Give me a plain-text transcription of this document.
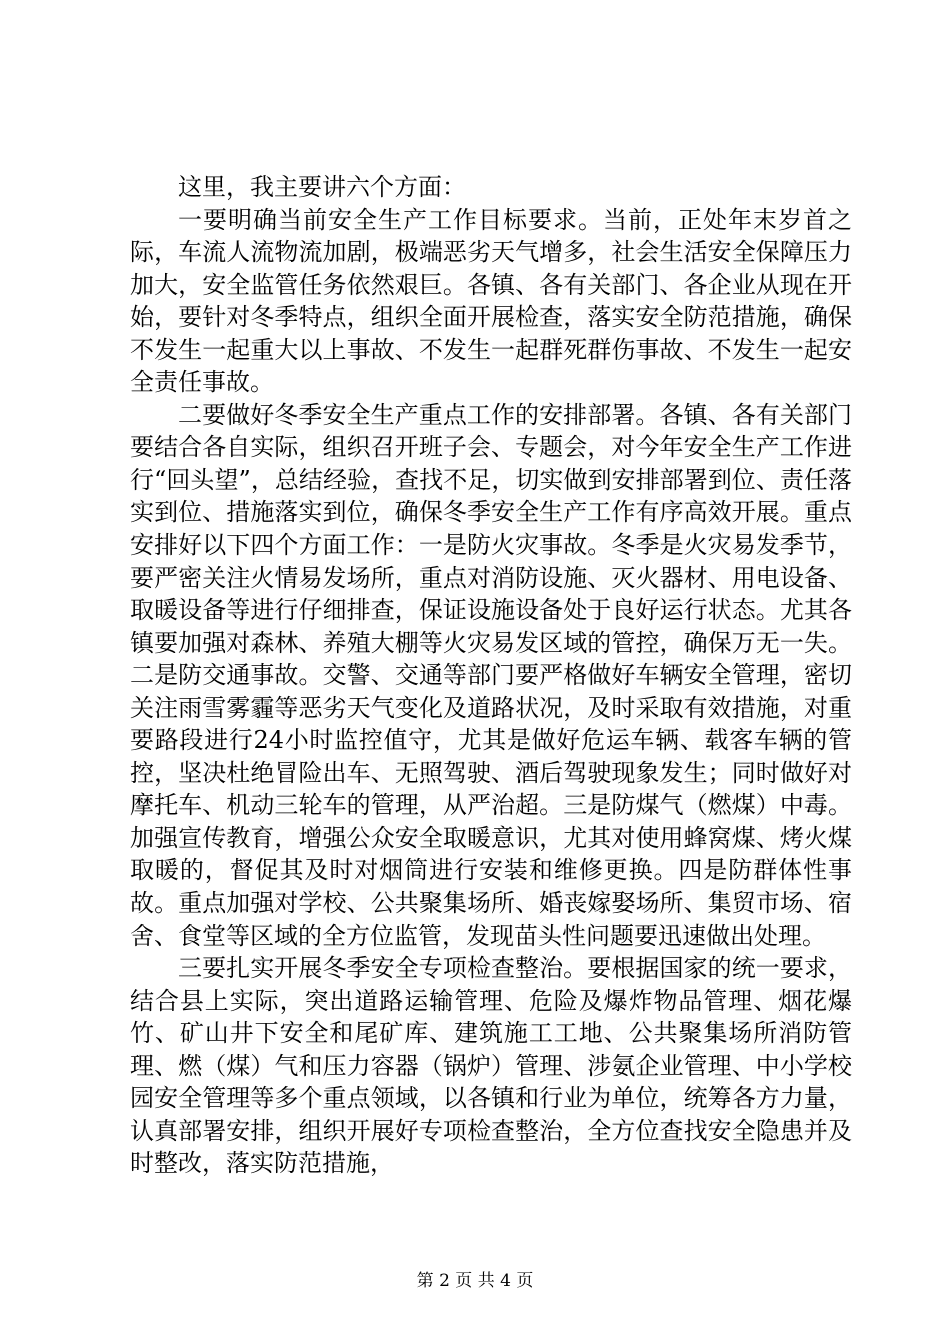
这里，我主要讲六个方面：

一要明确当前安全生产工作目标要求。当前，正处年末岁首之际，车流人流物流加剧，极端恶劣天气增多，社会生活安全保障压力加大，安全监管任务依然艰巨。各镇、各有关部门、各企业从现在开始，要针对冬季特点，组织全面开展检查，落实安全防范措施，确保不发生一起重大以上事故、不发生一起群死群伤事故、不发生一起安全责任事故。

二要做好冬季安全生产重点工作的安排部署。各镇、各有关部门要结合各自实际，组织召开班子会、专题会，对今年安全生产工作进行“回头望”，总结经验，查找不足，切实做到安排部署到位、责任落实到位、措施落实到位，确保冬季安全生产工作有序高效开展。重点安排好以下四个方面工作：一是防火灾事故。冬季是火灾易发季节，要严密关注火情易发场所，重点对消防设施、灭火器材、用电设备、取暖设备等进行仔细排查，保证设施设备处于良好运行状态。尤其各镇要加强对森林、养殖大棚等火灾易发区域的管控，确保万无一失。二是防交通事故。交警、交通等部门要严格做好车辆安全管理，密切关注雨雪雾霾等恶劣天气变化及道路状况，及时采取有效措施，对重要路段进行24小时监控值守，尤其是做好危运车辆、载客车辆的管控，坚决杜绝冒险出车、无照驾驶、酒后驾驶现象发生；同时做好对摩托车、机动三轮车的管理，从严治超。三是防煤气（燃煤）中毒。加强宣传教育，增强公众安全取暖意识，尤其对使用蜂窝煤、烤火煤取暖的，督促其及时对烟筒进行安装和维修更换。四是防群体性事故。重点加强对学校、公共聚集场所、婚丧嫁娶场所、集贸市场、宿舍、食堂等区域的全方位监管，发现苗头性问题要迅速做出处理。

三要扎实开展冬季安全专项检查整治。要根据国家的统一要求，结合县上实际，突出道路运输管理、危险及爆炸物品管理、烟花爆竹、矿山井下安全和尾矿库、建筑施工工地、公共聚集场所消防管理、燃（煤）气和压力容器（锅炉）管理、涉氨企业管理、中小学校园安全管理等多个重点领域，以各镇和行业为单位，统筹各方力量，认真部署安排，组织开展好专项检查整治，全方位查找安全隐患并及时整改，落实防范措施，

第 2 页 共 4 页
